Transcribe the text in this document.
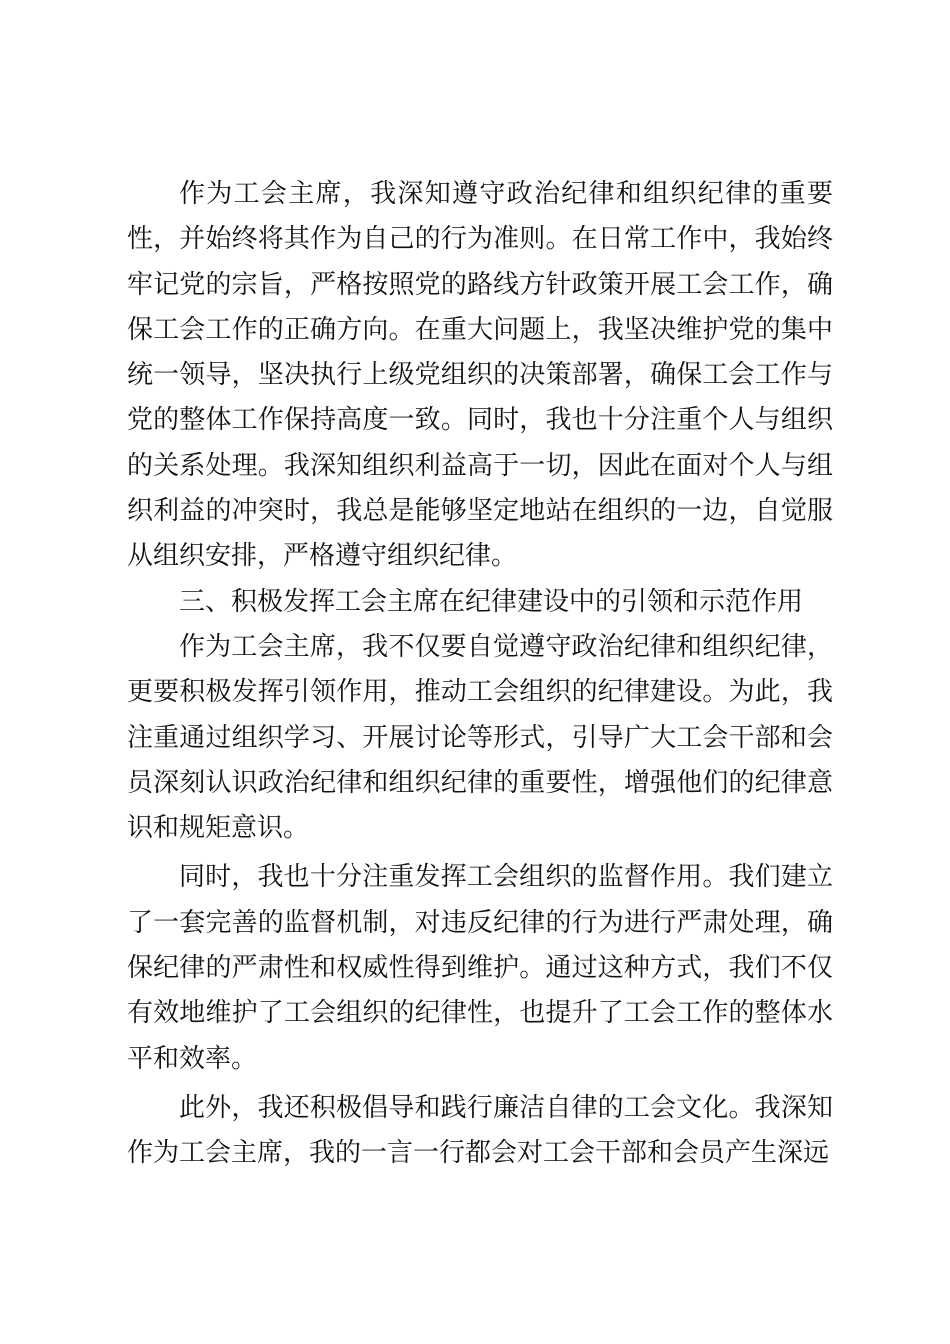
作为工会主席，我深知遵守政治纪律和组织纪律的重要性，并始终将其作为自己的行为准则。在日常工作中，我始终牢记党的宗旨，严格按照党的路线方针政策开展工会工作，确保工会工作的正确方向。在重大问题上，我坚决维护党的集中统一领导，坚决执行上级党组织的决策部署，确保工会工作与党的整体工作保持高度一致。同时，我也十分注重个人与组织的关系处理。我深知组织利益高于一切，因此在面对个人与组织利益的冲突时，我总是能够坚定地站在组织的一边，自觉服从组织安排，严格遵守组织纪律。

三、积极发挥工会主席在纪律建设中的引领和示范作用

作为工会主席，我不仅要自觉遵守政治纪律和组织纪律，更要积极发挥引领作用，推动工会组织的纪律建设。为此，我注重通过组织学习、开展讨论等形式，引导广大工会干部和会员深刻认识政治纪律和组织纪律的重要性，增强他们的纪律意识和规矩意识。

同时，我也十分注重发挥工会组织的监督作用。我们建立了一套完善的监督机制，对违反纪律的行为进行严肃处理，确保纪律的严肃性和权威性得到维护。通过这种方式，我们不仅有效地维护了工会组织的纪律性，也提升了工会工作的整体水平和效率。

此外，我还积极倡导和践行廉洁自律的工会文化。我深知作为工会主席，我的一言一行都会对工会干部和会员产生深远
